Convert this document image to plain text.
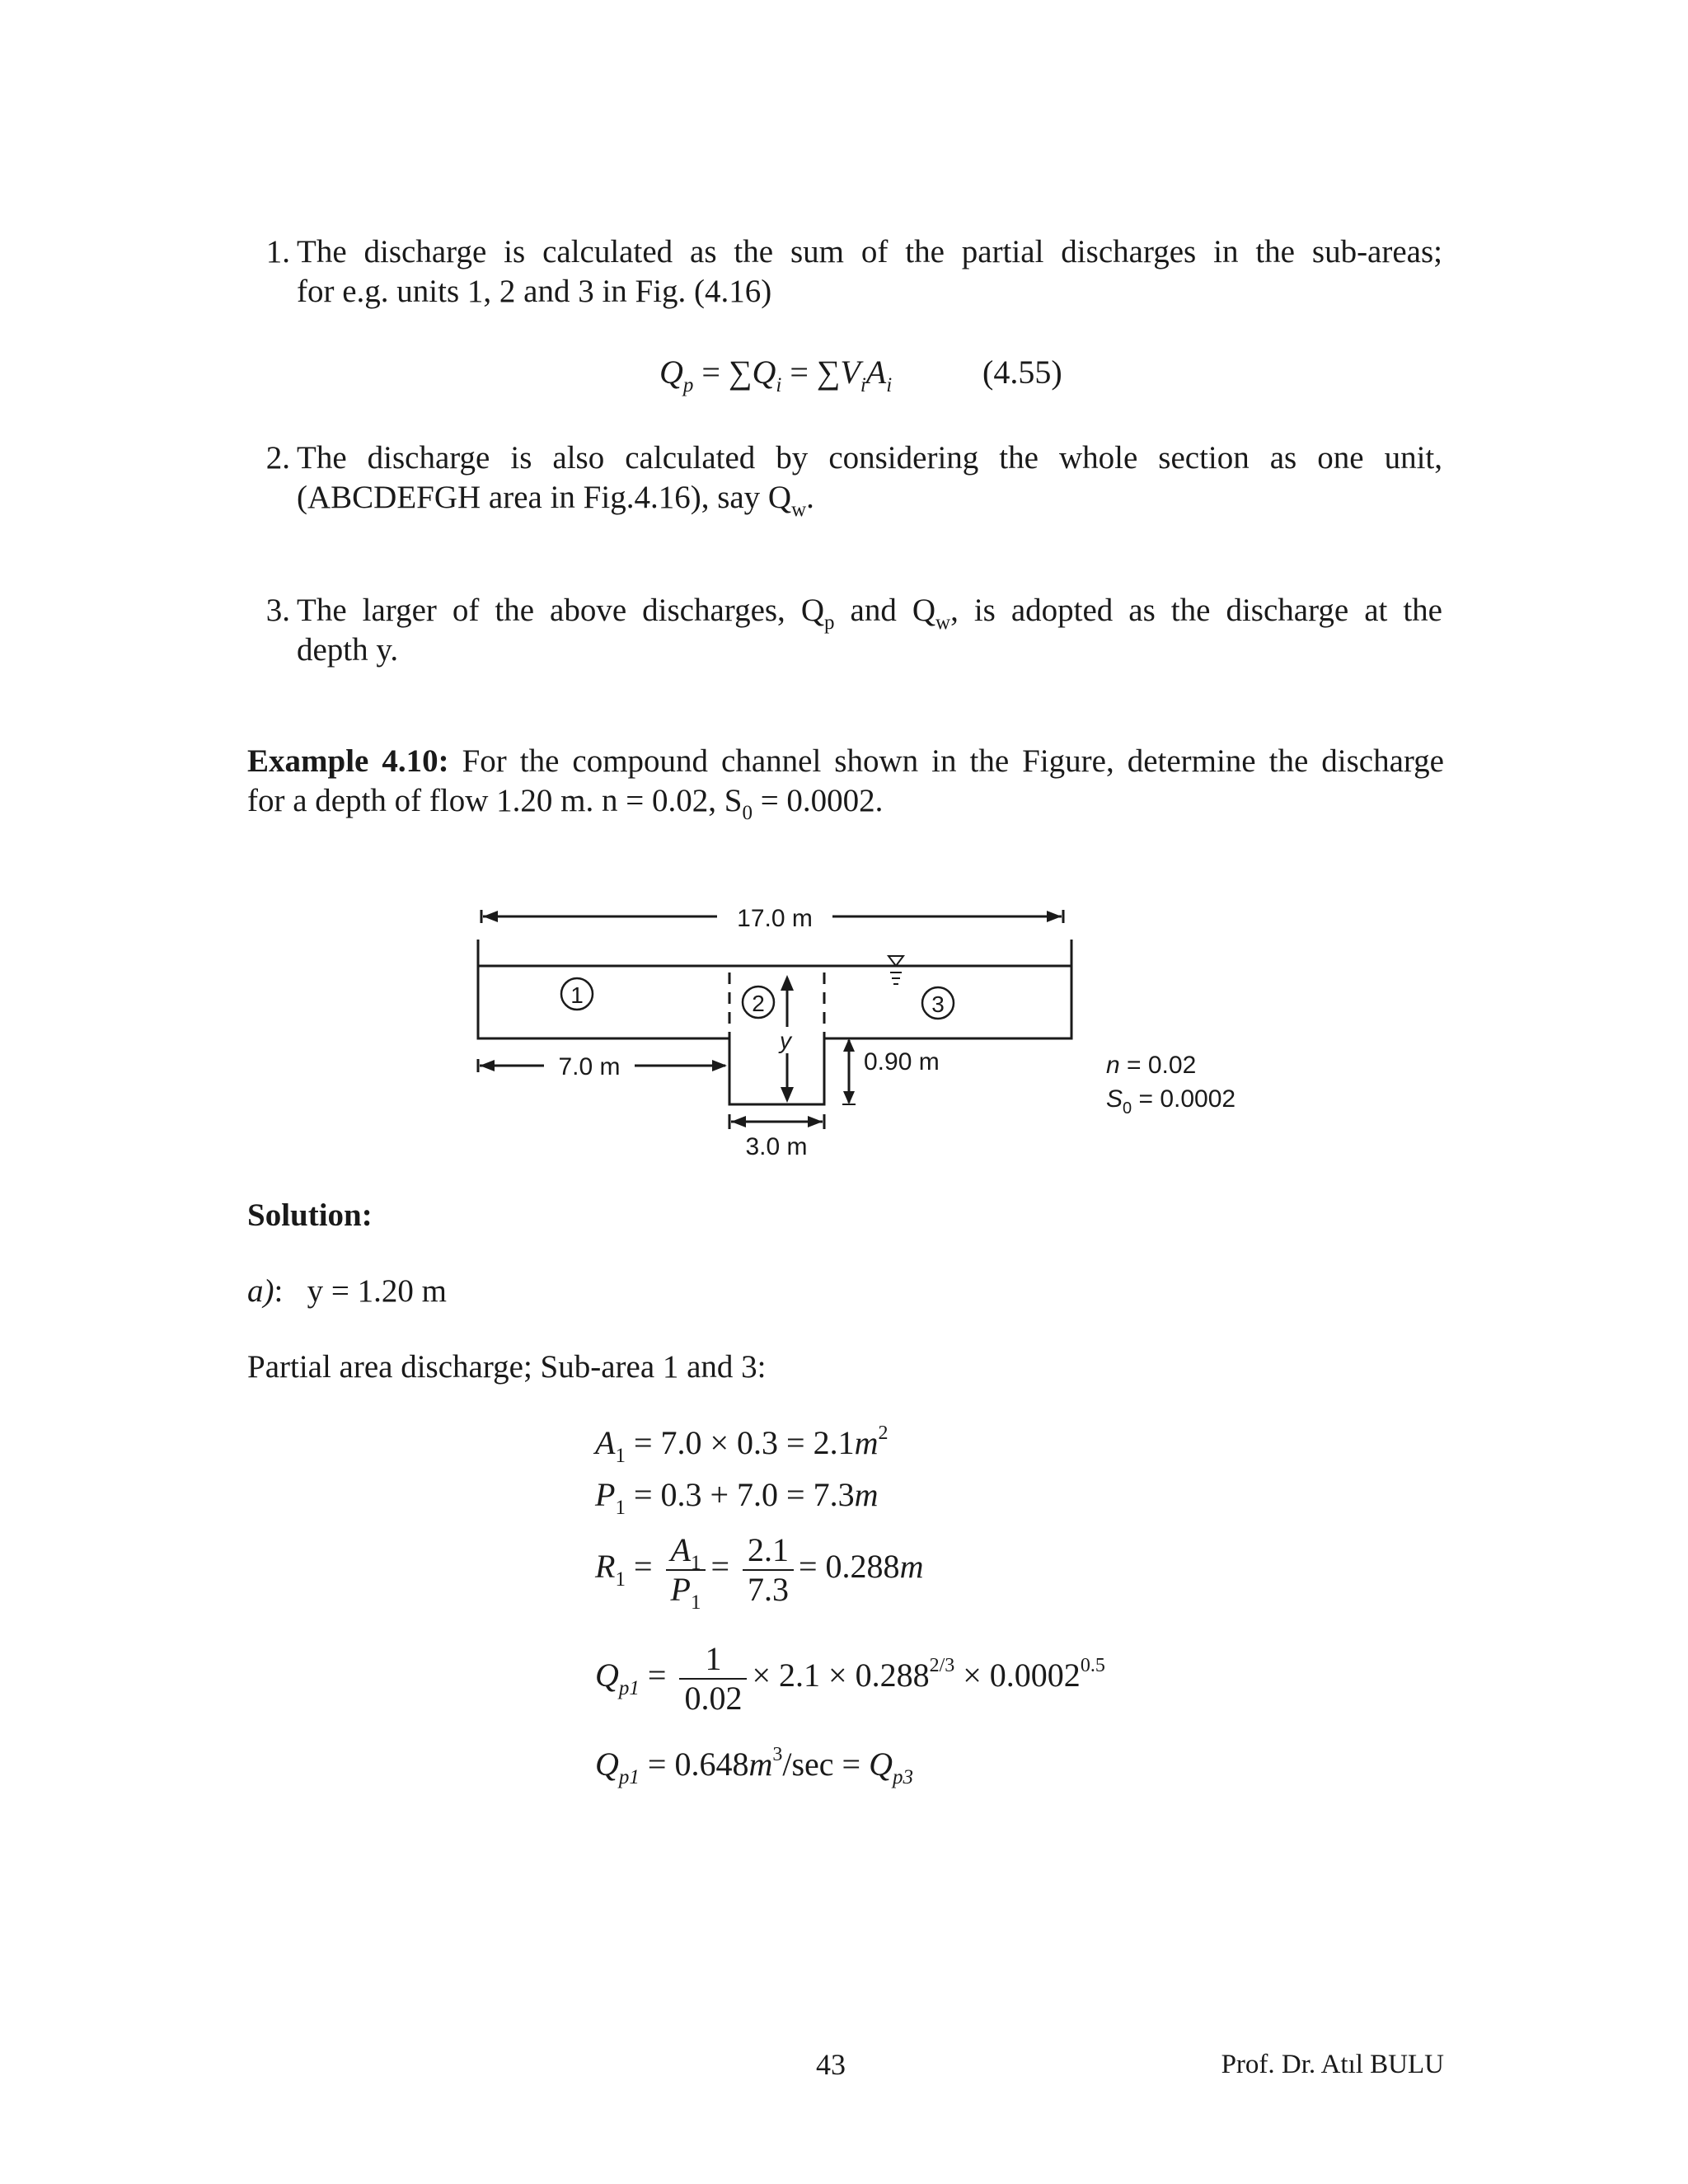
1. The discharge is calculated as the sum of the partial discharges in the sub-areas;
for e.g. units 1, 2 and 3 in Fig. (4.16)
$Q_p = \sum Q_i = \sum V_iA_i$	(4.55)
2. The discharge is also calculated by considering the whole section as one unit,
(ABCDEFGH area in Fig.4.16), say $Q_w$.
3. The larger of the above discharges, $Q_p$ and $Q_w$, is adopted as the discharge at the
depth y.
Example 4.10: For the compound channel shown in the Figure, determine the discharge
for a depth of flow 1.20 m. n = 0.02, $S_0 = 0.0002$.
17.0 m
1	2	3
y
0.90 m
7.0 m
3.0 m
n = 0.02
$S_0 = 0.0002$
Solution:
a): y = 1.20 m
Partial area discharge; Sub-area 1 and 3:
$A_1 = 7.0 \times 0.3 = 2.1m^2$
$P_1 = 0.3 + 7.0 = 7.3m$
$R_1 = \frac{A_1}{P_1} = \frac{2.1}{7.3} = 0.288m$
$Q_{p1} = \frac{1}{0.02} \times 2.1 \times 0.288^{2/3} \times 0.0002^{0.5}$
$Q_{p1} = 0.648m^3/\sec = Q_{p3}$
43	Prof. Dr. Atıl BULU
